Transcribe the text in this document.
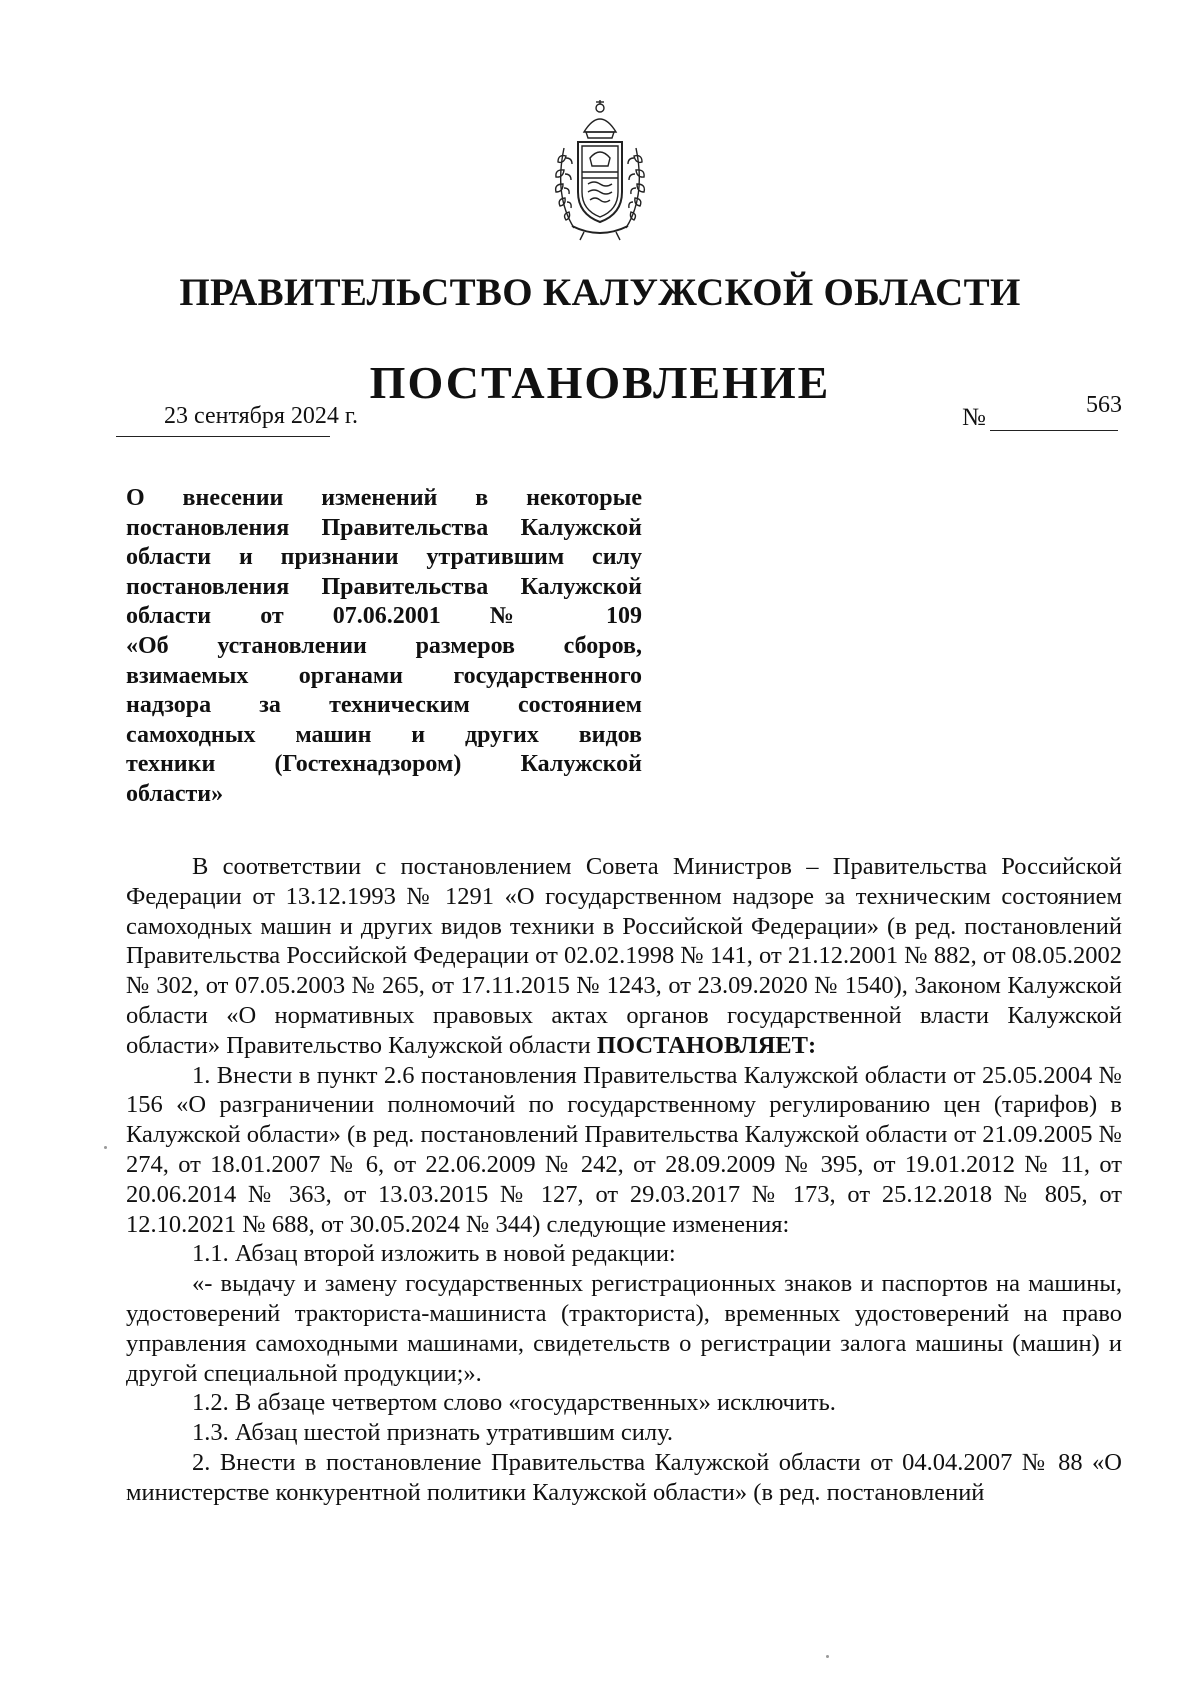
ПРАВИТЕЛЬСТВО КАЛУЖСКОЙ ОБЛАСТИ
ПОСТАНОВЛЕНИЕ
23 сентября 2024 г.	№	563
О внесении изменений в некоторые
постановления Правительства Калужской
области и признании утратившим силу
постановления Правительства Калужской
области от 07.06.2001 № 109
«Об установлении размеров сборов,
взимаемых органами государственного
надзора за техническим состоянием
самоходных машин и других видов
техники (Гостехнадзором) Калужской
области»

В соответствии с постановлением Совета Министров – Правительства Российской Федерации от 13.12.1993 № 1291 «О государственном надзоре за техническим состоянием самоходных машин и других видов техники в Российской Федерации» (в ред. постановлений Правительства Российской Федерации от 02.02.1998 № 141, от 21.12.2001 № 882, от 08.05.2002 № 302, от 07.05.2003 № 265, от 17.11.2015 № 1243, от 23.09.2020 № 1540), Законом Калужской области «О нормативных правовых актах органов государственной власти Калужской области» Правительство Калужской области ПОСТАНОВЛЯЕТ:

1. Внести в пункт 2.6 постановления Правительства Калужской области от 25.05.2004 № 156 «О разграничении полномочий по государственному регулированию цен (тарифов) в Калужской области» (в ред. постановлений Правительства Калужской области от 21.09.2005 № 274, от 18.01.2007 № 6, от 22.06.2009 № 242, от 28.09.2009 № 395, от 19.01.2012 № 11, от 20.06.2014 № 363, от 13.03.2015 № 127, от 29.03.2017 № 173, от 25.12.2018 № 805, от 12.10.2021 № 688, от 30.05.2024 № 344) следующие изменения:

1.1. Абзац второй изложить в новой редакции:

«- выдачу и замену государственных регистрационных знаков и паспортов на машины, удостоверений тракториста-машиниста (тракториста), временных удостоверений на право управления самоходными машинами, свидетельств о регистрации залога машины (машин) и другой специальной продукции;».

1.2. В абзаце четвертом слово «государственных» исключить.

1.3. Абзац шестой признать утратившим силу.

2. Внести в постановление Правительства Калужской области от 04.04.2007 № 88 «О министерстве конкурентной политики Калужской области» (в ред. постановлений
